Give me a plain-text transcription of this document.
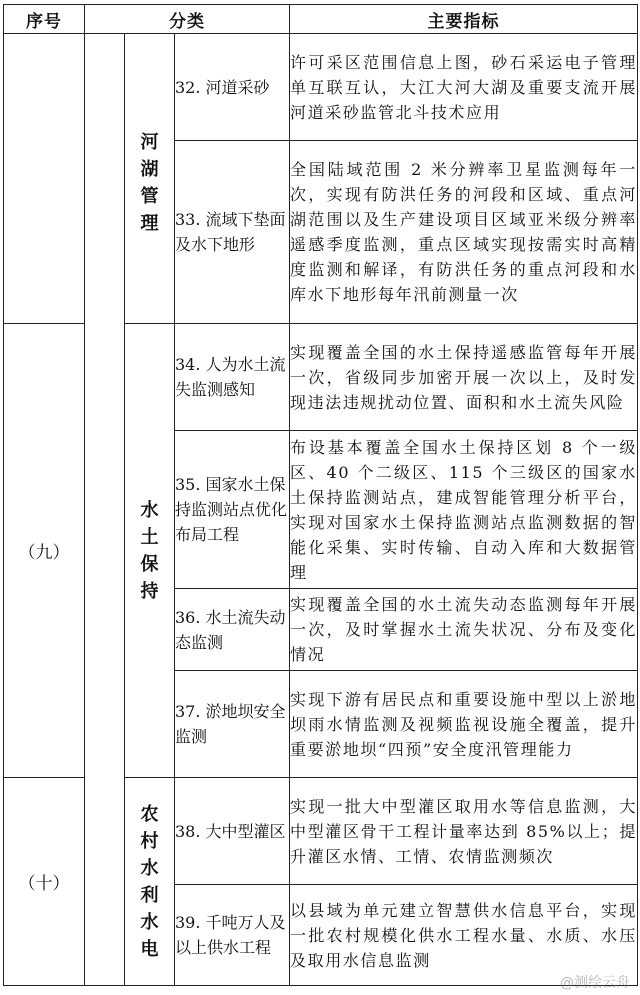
序号	分类			主要指标

		河湖管理	32. 河道采砂	许可采区范围信息上图，砂石采运电子管理单互联互认，大江大河大湖及重要支流开展河道采砂监管北斗技术应用
			33. 流域下垫面及水下地形	全国陆域范围 2 米分辨率卫星监测每年一次，实现有防洪任务的河段和区域、重点河湖范围以及生产建设项目区域亚米级分辨率遥感季度监测，重点区域实现按需实时高精度监测和解译，有防洪任务的重点河段和水库水下地形每年汛前测量一次
（九）		水土保持	34. 人为水土流失监测感知	实现覆盖全国的水土保持遥感监管每年开展一次，省级同步加密开展一次以上，及时发现违法违规扰动位置、面积和水土流失风险
			35. 国家水土保持监测站点优化布局工程	布设基本覆盖全国水土保持区划 8 个一级区、40 个二级区、115 个三级区的国家水土保持监测站点，建成智能管理分析平台，实现对国家水土保持监测站点监测数据的智能化采集、实时传输、自动入库和大数据管理
			36. 水土流失动态监测	实现覆盖全国的水土流失动态监测每年开展一次，及时掌握水土流失状况、分布及变化情况
			37. 淤地坝安全监测	实现下游有居民点和重要设施中型以上淤地坝雨水情监测及视频监视设施全覆盖，提升重要淤地坝“四预”安全度汛管理能力
（十）		农村水利水电	38. 大中型灌区	实现一批大中型灌区取用水等信息监测，大中型灌区骨干工程计量率达到 85%以上；提升灌区水情、工情、农情监测频次
			39. 千吨万人及以上供水工程	以县域为单元建立智慧供水信息平台，实现一批农村规模化供水工程水量、水质、水压及取用水信息监测
@测绘云舟
